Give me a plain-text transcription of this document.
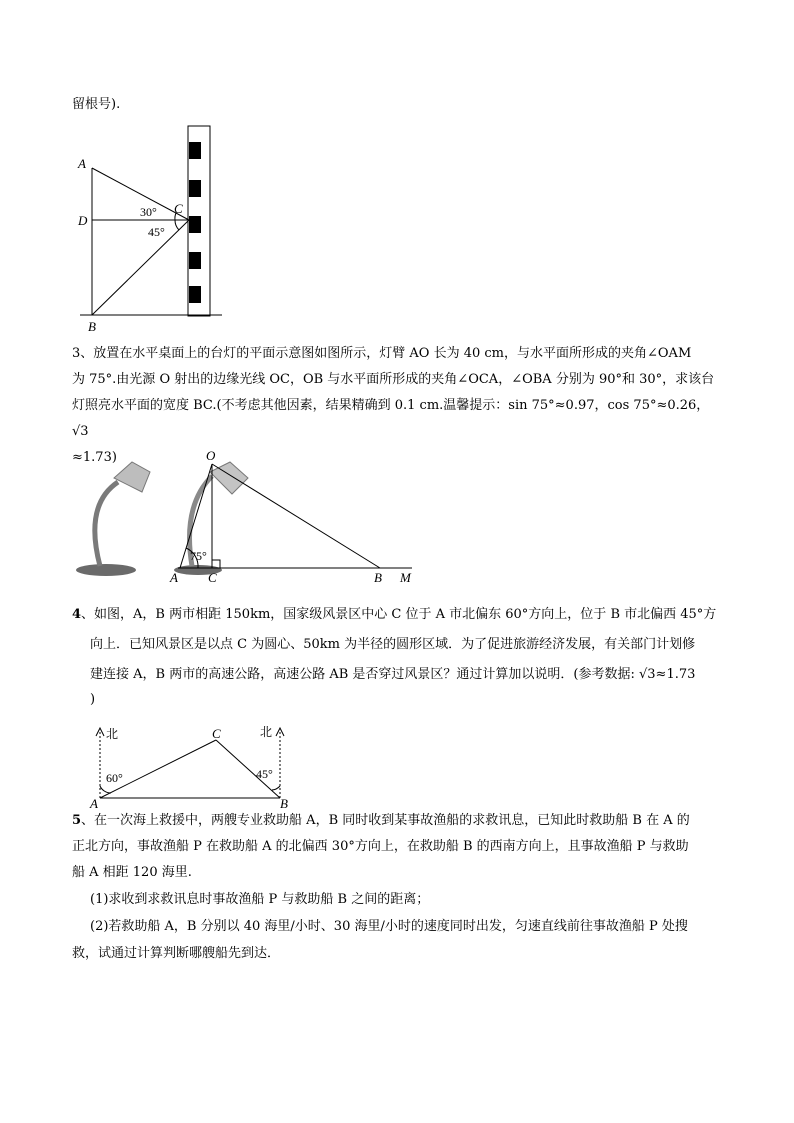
留根号).
A
D
C
B
30°
45°
3、放置在水平桌面上的台灯的平面示意图如图所示，灯臂 AO 长为 40 cm，与水平面所形成的夹角∠OAM
为 75°.由光源 O 射出的边缘光线 OC，OB 与水平面所形成的夹角∠OCA，∠OBA 分别为 90°和 30°，求该台
灯照亮水平面的宽度 BC.(不考虑其他因素，结果精确到 0.1 cm.温馨提示：sin 75°≈0.97，cos 75°≈0.26，√3
≈1.73)	O
A C	B M
75°
4、如图，A，B 两市相距 150km，国家级风景区中心 C 位于 A 市北偏东 60°方向上，位于 B 市北偏西 45°方
向上．已知风景区是以点 C 为圆心、50km 为半径的圆形区域．为了促进旅游经济发展，有关部门计划修
建连接 A，B 两市的高速公路，高速公路 AB 是否穿过风景区？通过计算加以说明．(参考数据: √3≈1.73
)
北	北
C
A	B
60°	45°
5、在一次海上救援中，两艘专业救助船 A，B 同时收到某事故渔船的求救讯息，已知此时救助船 B 在 A 的
正北方向，事故渔船 P 在救助船 A 的北偏西 30°方向上，在救助船 B 的西南方向上，且事故渔船 P 与救助
船 A 相距 120 海里.
(1)求收到求救讯息时事故渔船 P 与救助船 B 之间的距离；
(2)若救助船 A，B 分别以 40 海里/小时、30 海里/小时的速度同时出发，匀速直线前往事故渔船 P 处搜
救，试通过计算判断哪艘船先到达．
